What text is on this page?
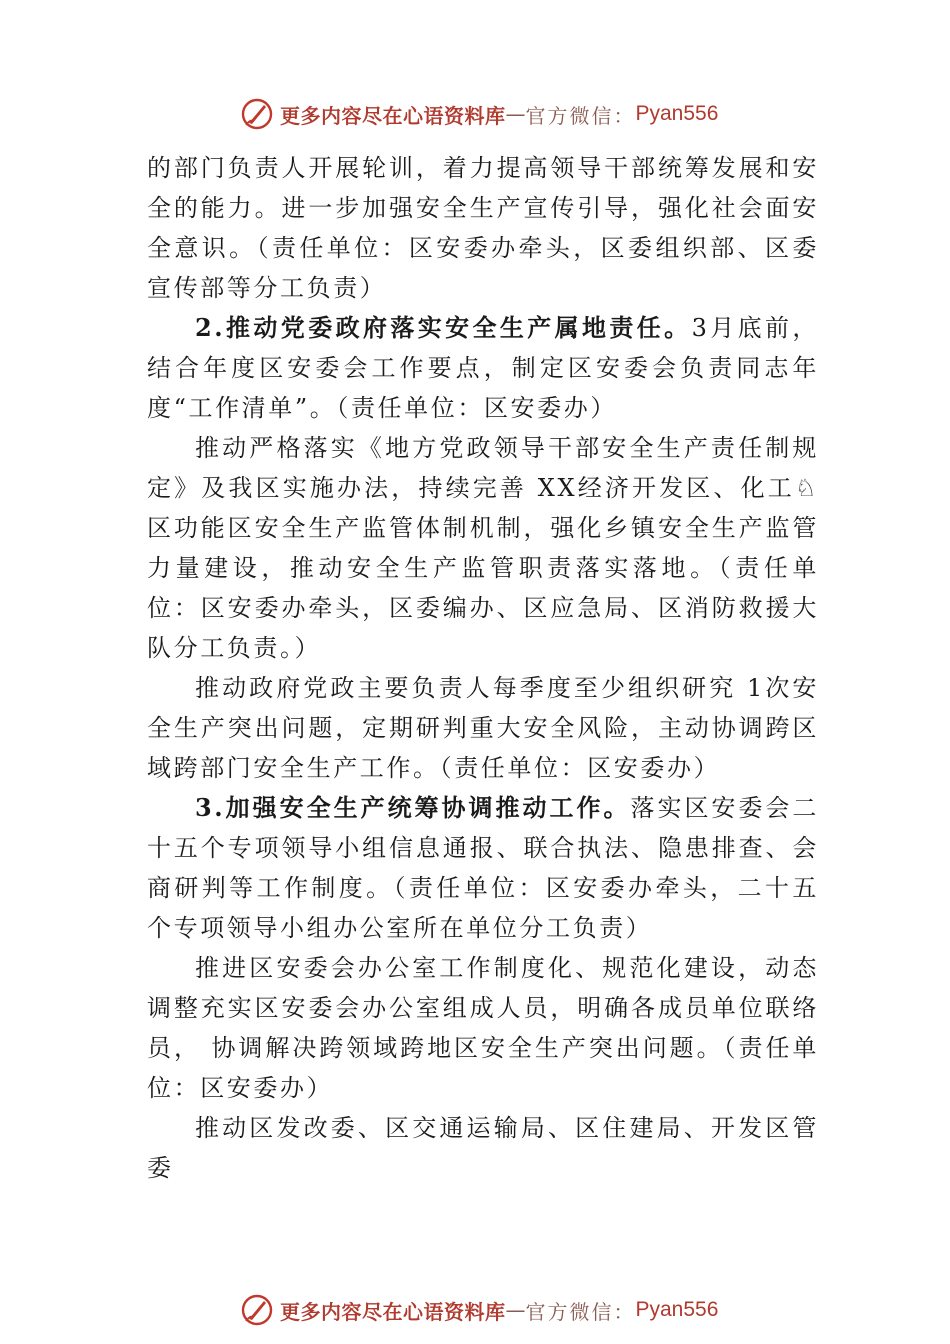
更多内容尽在心语资料库 — 官方微信： Pyan556

的部门负责人开展轮训，着力提高领导干部统筹发展和安全的能力。进一步加强安全生产宣传引导，强化社会面安全意识。（责任单位：区安委办牵头，区委组织部、区委宣传部等分工负责）

2.推动党委政府落实安全生产属地责任。3月底前，结合年度区安委会工作要点，制定区安委会负责同志年度“工作清单”。（责任单位：区安委办）

推动严格落实《地方党政领导干部安全生产责任制规定》及我区实施办法，持续完善 XX经济开发区、化工♘区功能区安全生产监管体制机制，强化乡镇安全生产监管力量建设，推动安全生产监管职责落实落地。（责任单位：区安委办牵头，区委编办、区应急局、区消防救援大队分工负责。）

推动政府党政主要负责人每季度至少组织研究 1次安全生产突出问题，定期研判重大安全风险，主动协调跨区域跨部门安全生产工作。（责任单位：区安委办）

3.加强安全生产统筹协调推动工作。落实区安委会二十五个专项领导小组信息通报、联合执法、隐患排查、会商研判等工作制度。（责任单位：区安委办牵头，二十五个专项领导小组办公室所在单位分工负责）

推进区安委会办公室工作制度化、规范化建设，动态调整充实区安委会办公室组成人员，明确各成员单位联络员， 协调解决跨领域跨地区安全生产突出问题。（责任单位：区安委办）

推动区发改委、区交通运输局、区住建局、开发区管委

更多内容尽在心语资料库 — 官方微信： Pyan556
